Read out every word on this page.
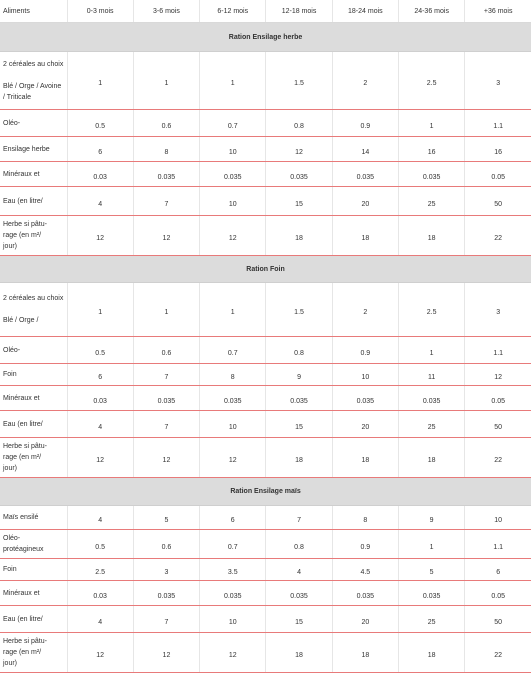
Aliments	0-3 mois	3-6 mois	6-12 mois	12-18 mois	18-24 mois	24-36 mois	+36 mois
Ration Ensilage herbe							
2 céréales au choix

Blé / Orge / Avoine / Triticale	1	1	1	1.5	2	2.5	3
Oléo-	0.5	0.6	0.7	0.8	0.9	1	1.1
Ensilage herbe	6	8	10	12	14	16	16
Minéraux et	0.03	0.035	0.035	0.035	0.035	0.035	0.05
Eau (en litre/	4	7	10	15	20	25	50
Herbe si pâtu-
rage (en m²/
jour)	12	12	12	18	18	18	22
Ration Foin							
2 céréales au choix

Blé / Orge /	1	1	1	1.5	2	2.5	3
Oléo-	0.5	0.6	0.7	0.8	0.9	1	1.1
Foin	6	7	8	9	10	11	12
Minéraux et	0.03	0.035	0.035	0.035	0.035	0.035	0.05
Eau (en litre/	4	7	10	15	20	25	50
Herbe si pâtu-
rage (en m²/
jour)	12	12	12	18	18	18	22
Ration Ensilage maïs							
Maïs ensilé	4	5	6	7	8	9	10
Oléo-
protéagineux	0.5	0.6	0.7	0.8	0.9	1	1.1
Foin	2.5	3	3.5	4	4.5	5	6
Minéraux et	0.03	0.035	0.035	0.035	0.035	0.035	0.05
Eau (en litre/	4	7	10	15	20	25	50
Herbe si pâtu-
rage (en m²/
jour)	12	12	12	18	18	18	22
